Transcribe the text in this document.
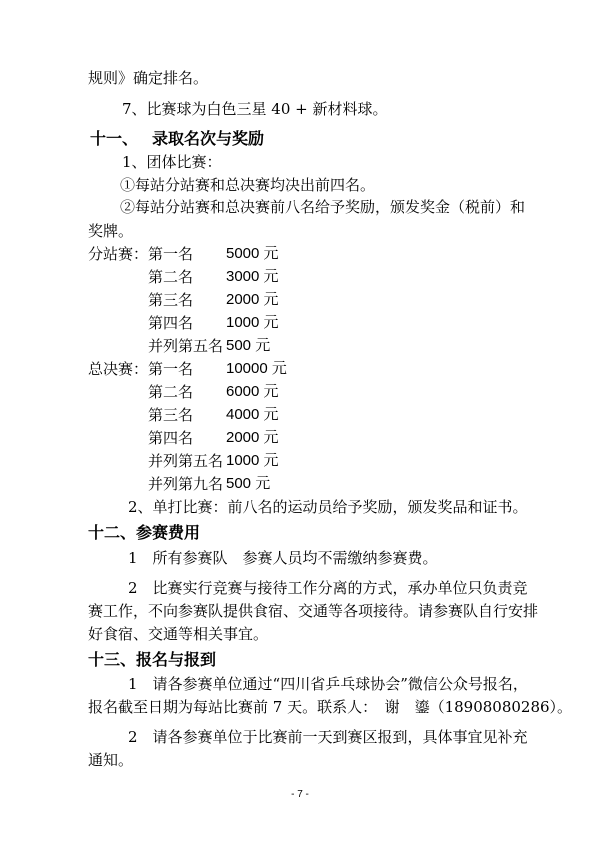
规则》确定排名。
7、比赛球为白色三星 40 + 新材料球。
十一、 录取名次与奖励
1、团体比赛：
①每站分站赛和总决赛均决出前四名。
②每站分站赛和总决赛前八名给予奖励，颁发奖金（税前）和
奖牌。
分站赛： 第一名 5000 元
第二名 3000 元
第三名 2000 元
第四名 1000 元
并列第五名 500 元
总决赛： 第一名 10000 元
第二名 6000 元
第三名 4000 元
第四名 2000 元
并列第五名 1000 元
并列第九名 500 元
2、单打比赛：前八名的运动员给予奖励，颁发奖品和证书。
十二、参赛费用
1　所有参赛队　参赛人员均不需缴纳参赛费。
2　比赛实行竞赛与接待工作分离的方式，承办单位只负责竞
赛工作，不向参赛队提供食宿、交通等各项接待。请参赛队自行安排
好食宿、交通等相关事宜。
十三、报名与报到
1　请各参赛单位通过“四川省乒乓球协会”微信公众号报名，
报名截至日期为每站比赛前 7 天。联系人：　谢　鎏（18908080286）。
2　请各参赛单位于比赛前一天到赛区报到，具体事宜见补充
通知。
- 7 -
